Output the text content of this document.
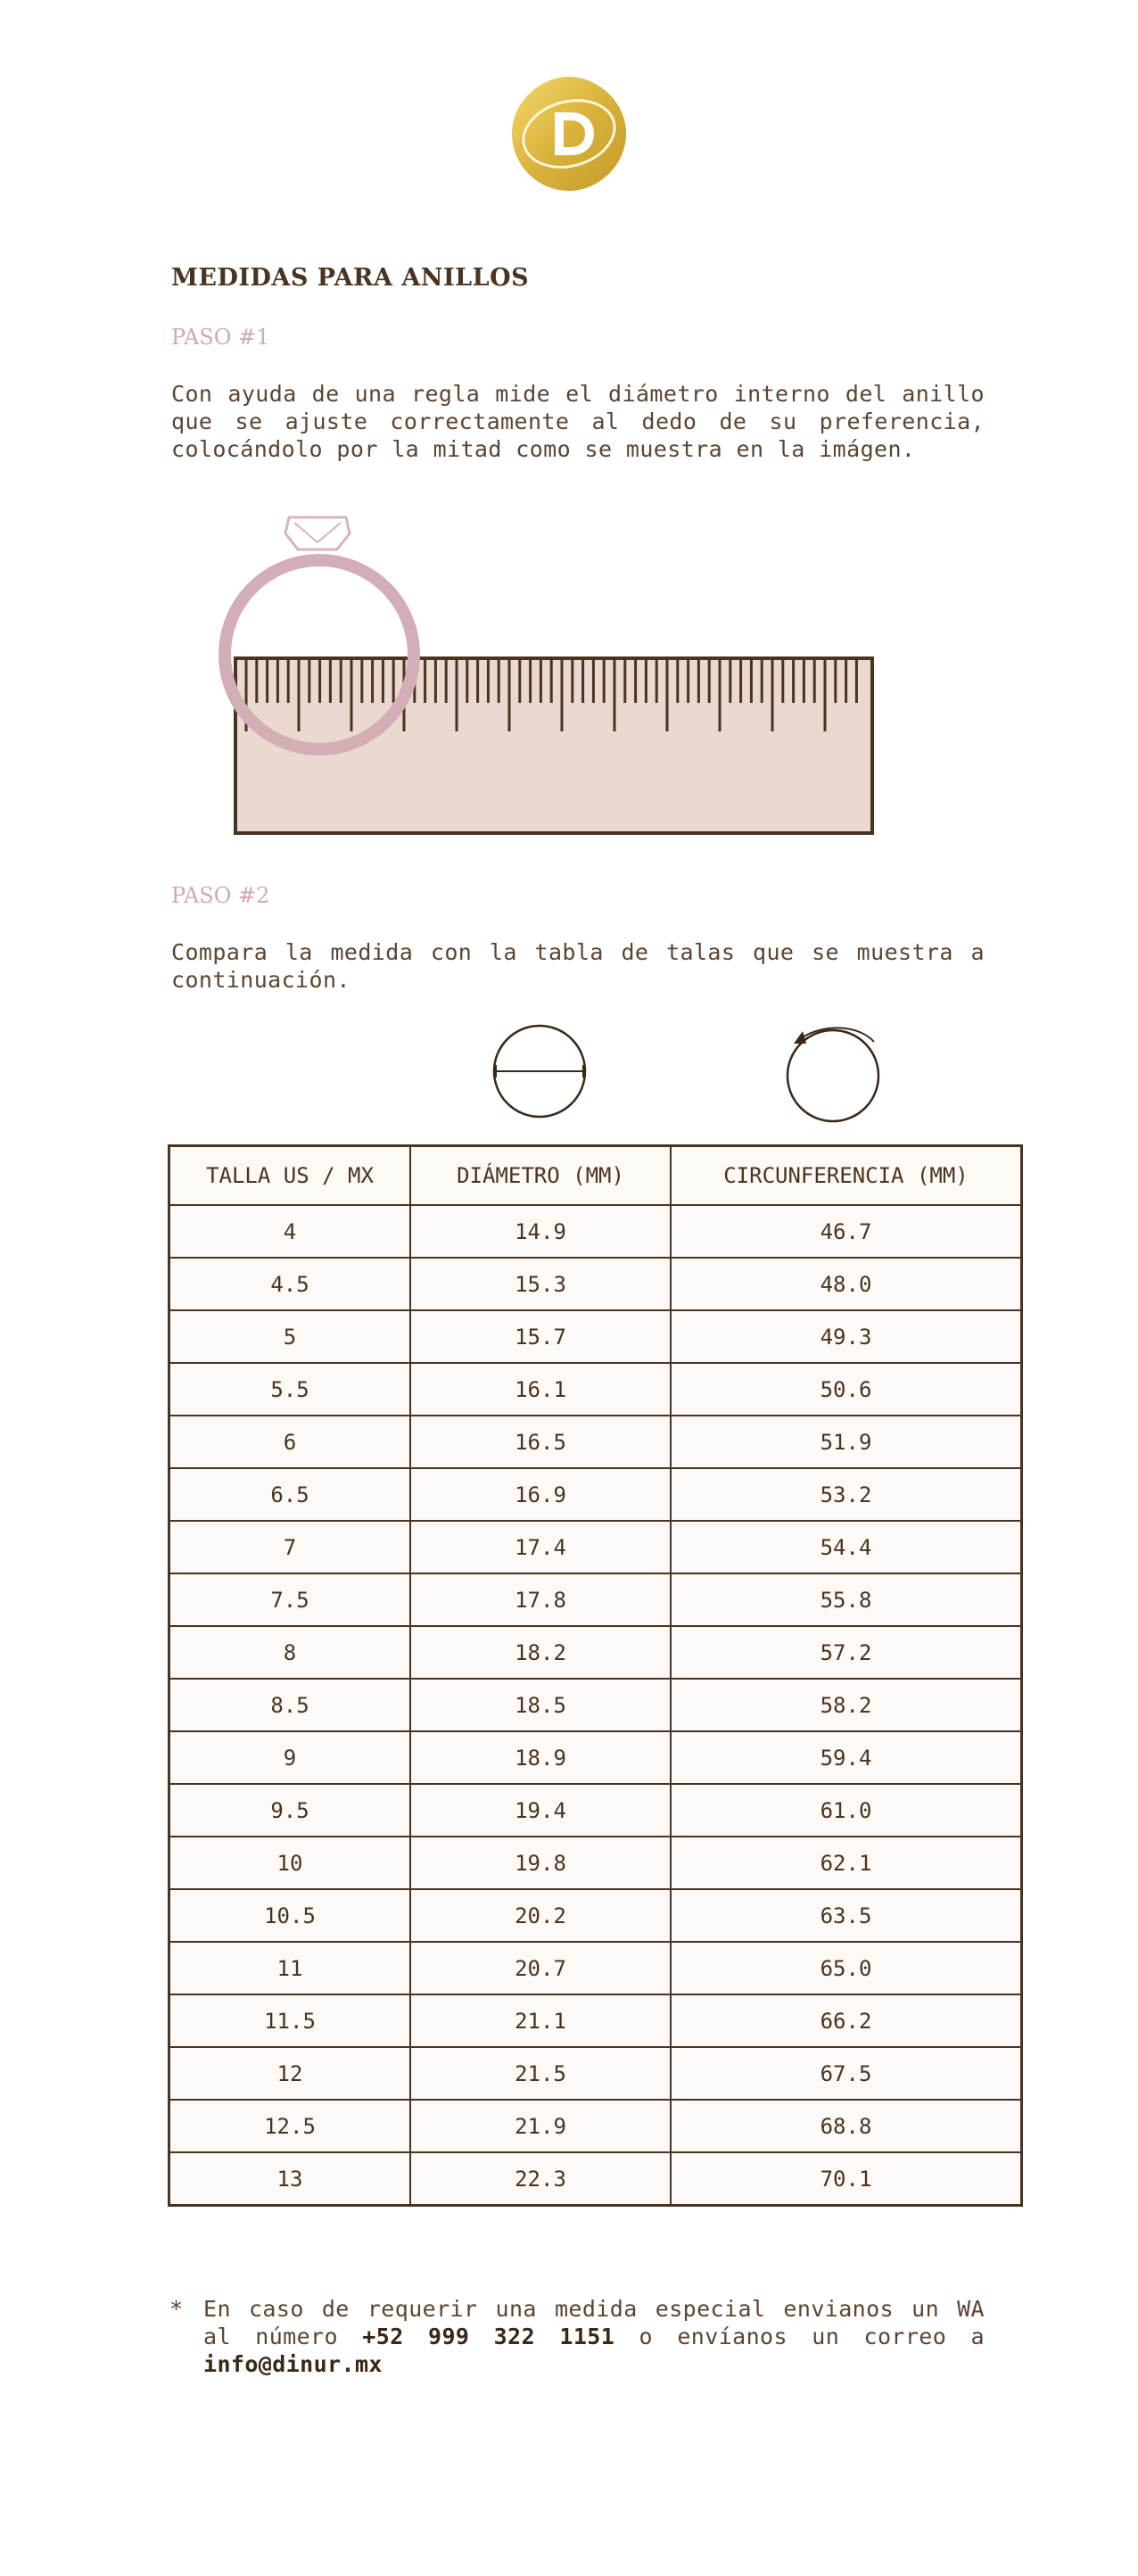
MEDIDAS PARA ANILLOS
PASO #1
Con ayuda de una regla mide el diámetro interno del anillo que se ajuste correctamente al dedo de su preferencia, colocándolo por la mitad como se muestra en la imágen.
PASO #2
Compara la medida con la tabla de talas que se muestra a continuación.
TALLA US / MX	DIÁMETRO (MM)	CIRCUNFERENCIA (MM)
4	14.9	46.7
4.5	15.3	48.0
5	15.7	49.3
5.5	16.1	50.6
6	16.5	51.9
6.5	16.9	53.2
7	17.4	54.4
7.5	17.8	55.8
8	18.2	57.2
8.5	18.5	58.2
9	18.9	59.4
9.5	19.4	61.0
10	19.8	62.1
10.5	20.2	63.5
11	20.7	65.0
11.5	21.1	66.2
12	21.5	67.5
12.5	21.9	68.8
13	22.3	70.1
* En caso de requerir una medida especial envianos un WA al número +52 999 322 1151 o envíanos un correo a info@dinur.mx
